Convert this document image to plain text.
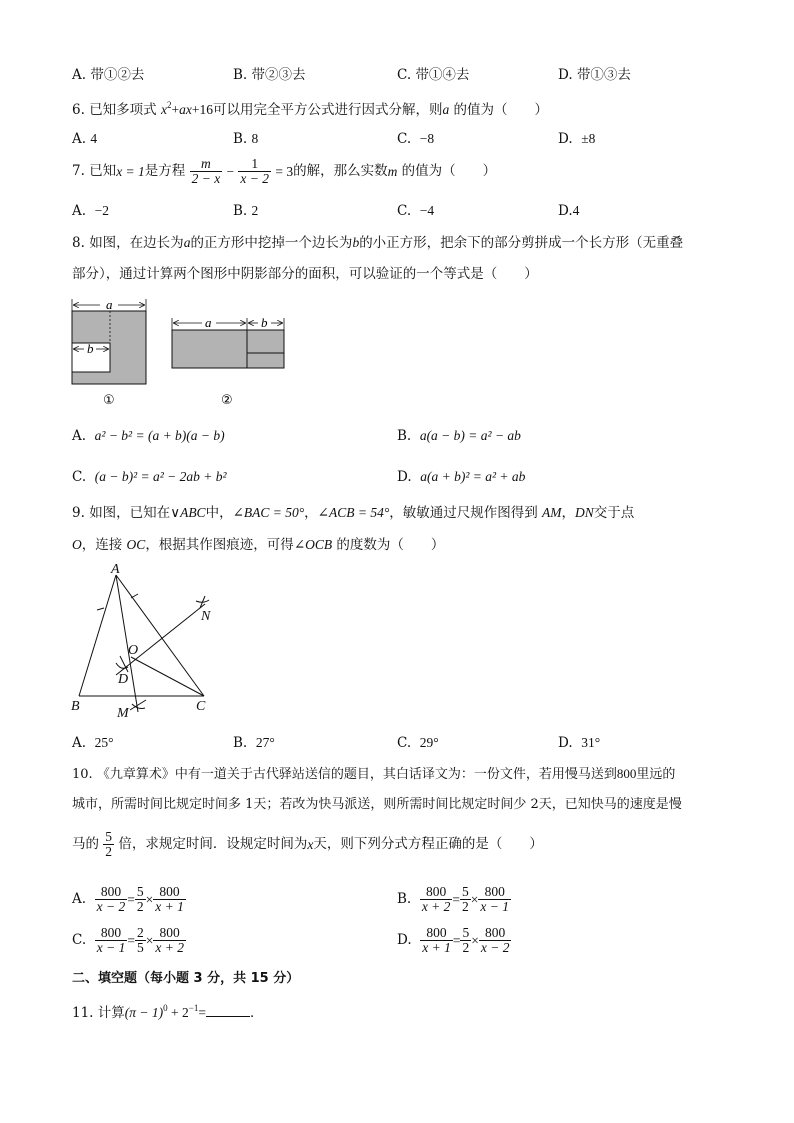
A. 带①②去	B. 带②③去	C. 带①④去	D. 带①③去
6. 已知多项式 $x^2+ax+16$可以用完全平方公式进行因式分解，则a 的值为（　　）
A. 4	B. 8	C. −8	D. ±8
7. 已知x = 1是方程 $\frac{m}{2 - x} - \frac{1}{x - 2} = 3$的解，那么实数m 的值为（　　）
A. −2	B. 2	C. −4	D.4
8. 如图，在边长为a的正方形中挖掉一个边长为b的小正方形，把余下的部分剪拼成一个长方形（无重叠
部分），通过计算两个图形中阴影部分的面积，可以验证的一个等式是（　　）
a
b
①
a	b
②
A. a² − b² = (a + b)(a − b)	B. a(a − b) = a² − ab
C. (a − b)² = a² − 2ab + b²	D. a(a + b)² = a² + ab
9. 如图，已知在∨ABC中，∠BAC = 50°，∠ACB = 54°，敏敏通过尺规作图得到 AM，DN交于点
O，连接 OC，根据其作图痕迹，可得∠OCB 的度数为（　　）
A
B	C
D
M
N
O
A. 25°	B. 27°	C. 29°	D. 31°
10. 《九章算术》中有一道关于古代驿站送信的题目，其白话译文为：一份文件，若用慢马送到800里远的
城市，所需时间比规定时间多 1天；若改为快马派送，则所需时间比规定时间少 2天，已知快马的速度是慢
马的 $\frac{5}{2}$ 倍，求规定时间．设规定时间为x天，则下列分式方程正确的是（　　）
A. $\frac{800}{x - 2} = \frac{5}{2} \times \frac{800}{x + 1}$	B. $\frac{800}{x + 2} = \frac{5}{2} \times \frac{800}{x - 1}$
C. $\frac{800}{x - 1} = \frac{2}{5} \times \frac{800}{x + 2}$	D. $\frac{800}{x + 1} = \frac{5}{2} \times \frac{800}{x - 2}$
二、填空题（每小题 3 分，共 15 分）
11. 计算$(\pi - 1)^0 + 2^{-1}=$	．
